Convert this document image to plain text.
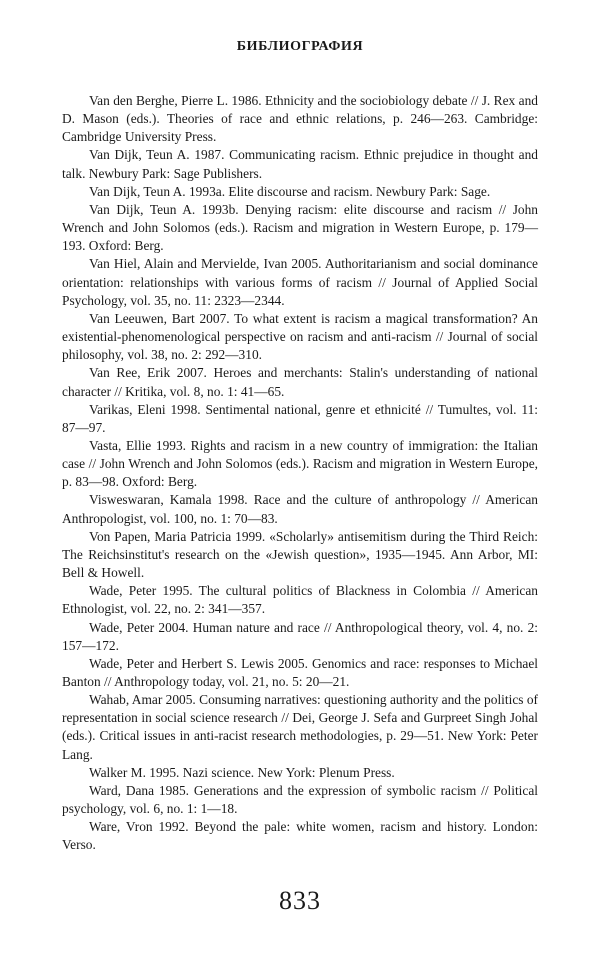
БИБЛИОГРАФИЯ

Van den Berghe, Pierre L. 1986. Ethnicity and the sociobiology debate // J. Rex and D. Mason (eds.). Theories of race and ethnic relations, p. 246—263. Cambridge: Cambridge University Press.

Van Dijk, Teun A. 1987. Communicating racism. Ethnic prejudice in thought and talk. Newbury Park: Sage Publishers.

Van Dijk, Teun A. 1993a. Elite discourse and racism. Newbury Park: Sage.

Van Dijk, Teun A. 1993b. Denying racism: elite discourse and racism // John Wrench and John Solomos (eds.). Racism and migration in Western Europe, p. 179—193. Oxford: Berg.

Van Hiel, Alain and Mervielde, Ivan 2005. Authoritarianism and social dominance orientation: relationships with various forms of racism // Journal of Applied Social Psychology, vol. 35, no. 11: 2323—2344.

Van Leeuwen, Bart 2007. To what extent is racism a magical transformation? An existential-phenomenological perspective on racism and anti-racism // Journal of social philosophy, vol. 38, no. 2: 292—310.

Van Ree, Erik 2007. Heroes and merchants: Stalin's understanding of national character // Kritika, vol. 8, no. 1: 41—65.

Varikas, Eleni 1998. Sentimental national, genre et ethnicité // Tumultes, vol. 11: 87—97.

Vasta, Ellie 1993. Rights and racism in a new country of immigration: the Italian case // John Wrench and John Solomos (eds.). Racism and migration in Western Europe, p. 83—98. Oxford: Berg.

Visweswaran, Kamala 1998. Race and the culture of anthropology // American Anthropologist, vol. 100, no. 1: 70—83.

Von Papen, Maria Patricia 1999. «Scholarly» antisemitism during the Third Reich: The Reichsinstitut's research on the «Jewish question», 1935—1945. Ann Arbor, MI: Bell & Howell.

Wade, Peter 1995. The cultural politics of Blackness in Colombia // American Ethnologist, vol. 22, no. 2: 341—357.

Wade, Peter 2004. Human nature and race // Anthropological theory, vol. 4, no. 2: 157—172.

Wade, Peter and Herbert S. Lewis 2005. Genomics and race: responses to Michael Banton // Anthropology today, vol. 21, no. 5: 20—21.

Wahab, Amar 2005. Consuming narratives: questioning authority and the politics of representation in social science research // Dei, George J. Sefa and Gurpreet Singh Johal (eds.). Critical issues in anti-racist research methodologies, p. 29—51. New York: Peter Lang.

Walker M. 1995. Nazi science. New York: Plenum Press.

Ward, Dana 1985. Generations and the expression of symbolic racism // Political psychology, vol. 6, no. 1: 1—18.

Ware, Vron 1992. Beyond the pale: white women, racism and history. London: Verso.

833
